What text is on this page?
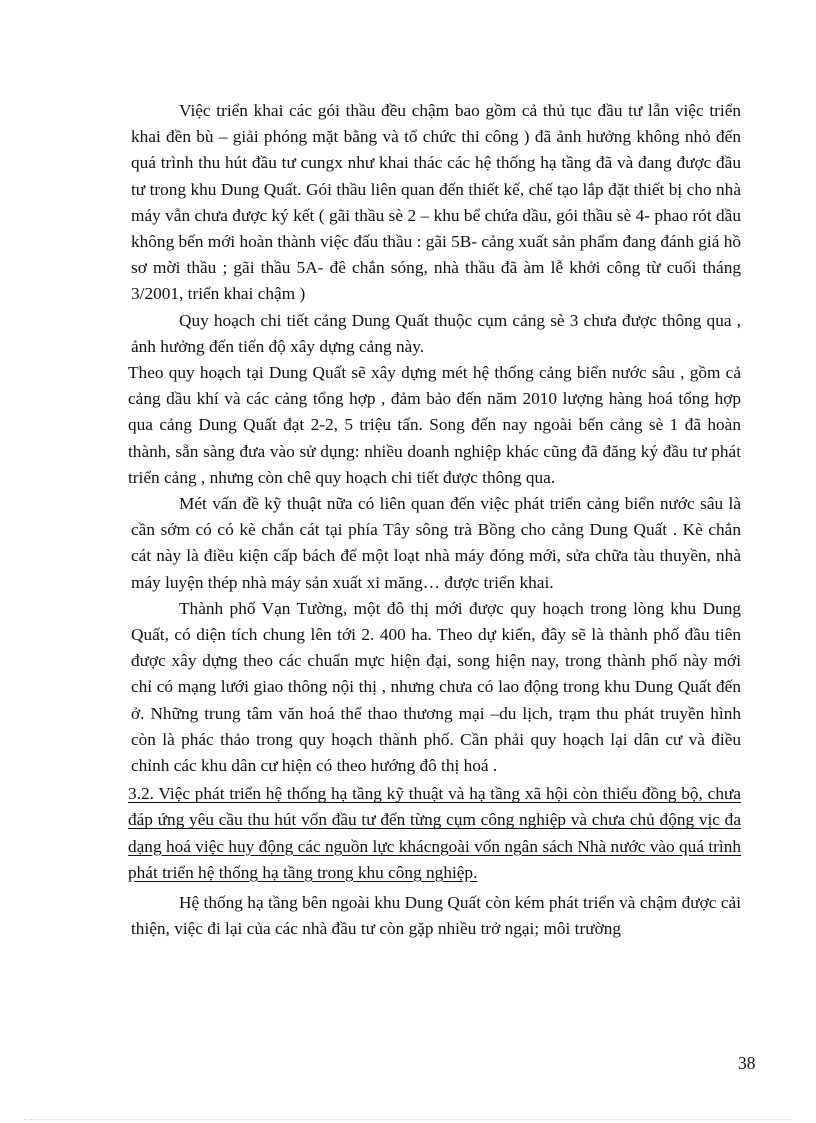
Việc triển khai các gói thầu đều chậm bao gồm cả thủ tục đầu tư lẫn việc triển khai đền bù – giải phóng mặt bằng và tổ chức thi công ) đã ảnh hưởng không nhỏ đến quá trình thu hút đầu tư cungx như khai thác các hệ thống hạ tầng đã và đang được đầu tư trong khu Dung Quất. Gói thầu liên quan đến thiết kế, chế tạo lắp đặt thiết bị cho nhà máy vẫn chưa được ký kết ( gãi thầu sè 2 – khu bể chứa dầu, gói thầu sè 4- phao rót dầu không bến mới hoàn thành việc đấu thầu : gãi 5B- cảng xuất sản phẩm đang đánh giá hồ sơ mời thầu ; gãi thầu 5A- đê chắn sóng, nhà thầu đã àm lễ khởi công từ cuối tháng 3/2001, triển khai chậm )

Quy hoạch chi tiết cảng Dung Quất thuộc cụm cảng sè 3 chưa được thông qua , ảnh hưởng đến tiến độ xây dựng cảng này.

Theo quy hoạch tại Dung Quất sẽ xây dựng mét hệ thống cảng biển nước sâu , gồm cả cảng dầu khí và các cảng tổng hợp , đảm bảo đến năm 2010 lượng hàng hoá tổng hợp qua cảng Dung Quất đạt 2-2, 5 triệu tấn. Song đến nay ngoài bến cảng sè 1 đã hoàn thành, sẵn sàng đưa vào sử dụng: nhiều doanh nghiệp khác cũng đã đăng ký đầu tư phát triển cảng , nhưng còn chê quy hoạch chi tiết được thông qua.

Mét vấn đề kỹ thuật nữa có liên quan đến việc phát triển cảng biển nước sâu là cần sớm có có kè chắn cát tại phía Tây sông trà Bồng cho cảng Dung Quất . Kè chắn cát này là điều kiện cấp bách để một loạt nhà máy đóng mới, sửa chữa tàu thuyền, nhà máy luyện thép nhà máy sản xuất xi măng… được triển khai.

Thành phố Vạn Tường, một đô thị mới được quy hoạch trong lòng khu Dung Quất, có diện tích chung lên tới 2. 400 ha. Theo dự kiến, đây sẽ là thành phố đầu tiên được xây dựng theo các chuẩn mực hiện đại, song hiện nay, trong thành phố này mới chỉ có mạng lưới giao thông nội thị , nhưng chưa có lao động trong khu Dung Quất đến ở. Những trung tâm văn hoá thể thao thương mại –du lịch, trạm thu phát truyền hình còn là phác thảo trong quy hoạch thành phố. Cần phải quy hoạch lại dân cư và điều chỉnh các khu dân cư hiện có theo hướng đô thị hoá .

3.2. Việc phát triển hệ thống hạ tầng kỹ thuật và hạ tầng xã hội còn thiếu đồng bộ, chưa đáp ứng yêu cầu thu hút vốn đầu tư đến từng cụm công nghiệp và chưa chủ động vịc đa dạng hoá việc huy động các nguồn lực khácngoài vốn ngân sách Nhà nước vào quá trình phát triển hệ thống hạ tầng trong khu công nghiệp.

Hệ thống hạ tầng bên ngoài khu Dung Quất còn kém phát triển và chậm được cải thiện, việc đi lại của các nhà đầu tư còn gặp nhiều trở ngại; môi trường

38
